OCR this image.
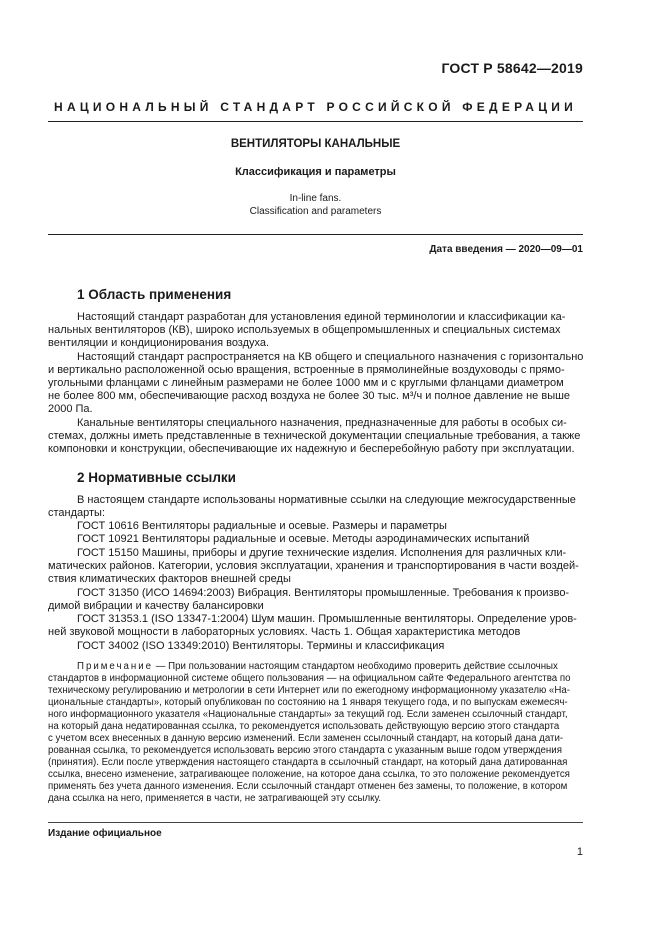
ГОСТ Р 58642—2019
НАЦИОНАЛЬНЫЙ СТАНДАРТ РОССИЙСКОЙ ФЕДЕРАЦИИ
ВЕНТИЛЯТОРЫ КАНАЛЬНЫЕ
Классификация и параметры
In-line fans.
Classification and parameters
Дата введения — 2020—09—01
1 Область применения
Настоящий стандарт разработан для установления единой терминологии и классификации ка-
нальных вентиляторов (КВ), широко используемых в общепромышленных и специальных системах
вентиляции и кондиционирования воздуха.
Настоящий стандарт распространяется на КВ общего и специального назначения с горизонтально
и вертикально расположенной осью вращения, встроенные в прямолинейные воздуховоды с прямо-
угольными фланцами с линейным размерами не более 1000 мм и с круглыми фланцами диаметром
не более 800 мм, обеспечивающие расход воздуха не более 30 тыс. м³/ч и полное давление не выше
2000 Па.
Канальные вентиляторы специального назначения, предназначенные для работы в особых си-
стемах, должны иметь представленные в технической документации специальные требования, а также
компоновки и конструкции, обеспечивающие их надежную и бесперебойную работу при эксплуатации.
2 Нормативные ссылки
В настоящем стандарте использованы нормативные ссылки на следующие межгосударственные
стандарты:
ГОСТ 10616 Вентиляторы радиальные и осевые. Размеры и параметры
ГОСТ 10921 Вентиляторы радиальные и осевые. Методы аэродинамических испытаний
ГОСТ 15150 Машины, приборы и другие технические изделия. Исполнения для различных кли-
матических районов. Категории, условия эксплуатации, хранения и транспортирования в части воздей-
ствия климатических факторов внешней среды
ГОСТ 31350 (ИСО 14694:2003) Вибрация. Вентиляторы промышленные. Требования к произво-
димой вибрации и качеству балансировки
ГОСТ 31353.1 (ISO 13347-1:2004) Шум машин. Промышленные вентиляторы. Определение уров-
ней звуковой мощности в лабораторных условиях. Часть 1. Общая характеристика методов
ГОСТ 34002 (ISO 13349:2010) Вентиляторы. Термины и классификация
Примечание — При пользовании настоящим стандартом необходимо проверить действие ссылочных
стандартов в информационной системе общего пользования — на официальном сайте Федерального агентства по
техническому регулированию и метрологии в сети Интернет или по ежегодному информационному указателю «На-
циональные стандарты», который опубликован по состоянию на 1 января текущего года, и по выпускам ежемесяч-
ного информационного указателя «Национальные стандарты» за текущий год. Если заменен ссылочный стандарт,
на который дана недатированная ссылка, то рекомендуется использовать действующую версию этого стандарта
с учетом всех внесенных в данную версию изменений. Если заменен ссылочный стандарт, на который дана дати-
рованная ссылка, то рекомендуется использовать версию этого стандарта с указанным выше годом утверждения
(принятия). Если после утверждения настоящего стандарта в ссылочный стандарт, на который дана датированная
ссылка, внесено изменение, затрагивающее положение, на которое дана ссылка, то это положение рекомендуется
применять без учета данного изменения. Если ссылочный стандарт отменен без замены, то положение, в котором
дана ссылка на него, применяется в части, не затрагивающей эту ссылку.
Издание официальное
1
